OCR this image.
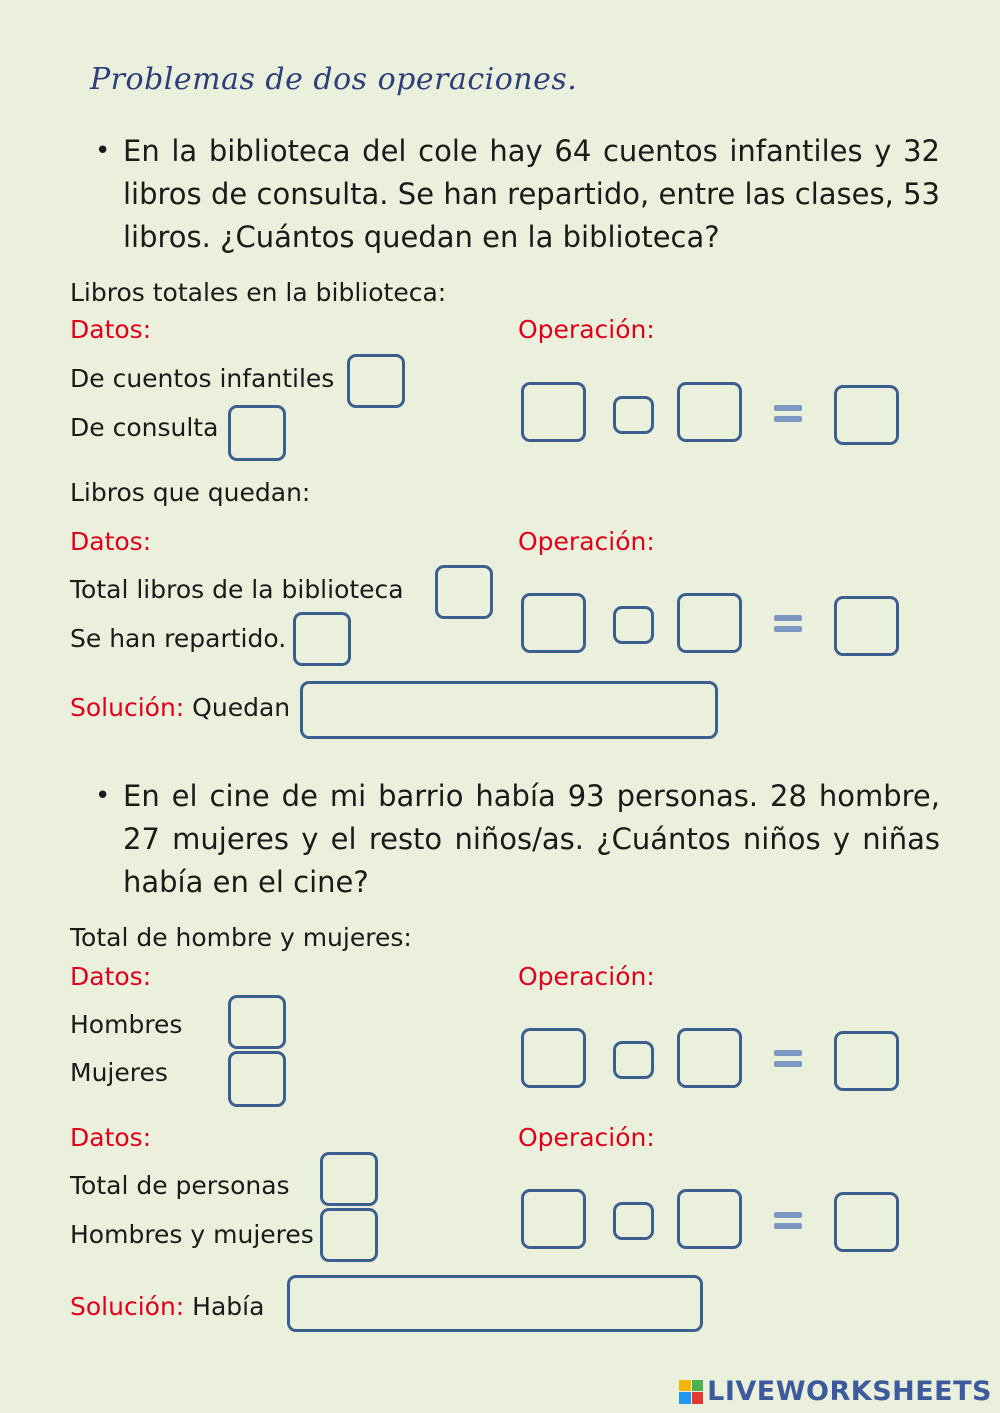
Problemas de dos operaciones.
• En la biblioteca del cole hay 64 cuentos infantiles y 32 libros de consulta. Se han repartido, entre las clases, 53 libros. ¿Cuántos quedan en la biblioteca?
Libros totales en la biblioteca:
Datos:	Operación:
De cuentos infantiles
De consulta
Libros que quedan:
Datos:	Operación:
Total libros de la biblioteca
Se han repartido.
Solución: Quedan
• En el cine de mi barrio había 93 personas. 28 hombre, 27 mujeres y el resto niños/as. ¿Cuántos niños y niñas había en el cine?
Total de hombre y mujeres:
Datos:	Operación:
Hombres
Mujeres
Datos:	Operación:
Total de personas
Hombres y mujeres
Solución: Había
LIVEWORKSHEETS
